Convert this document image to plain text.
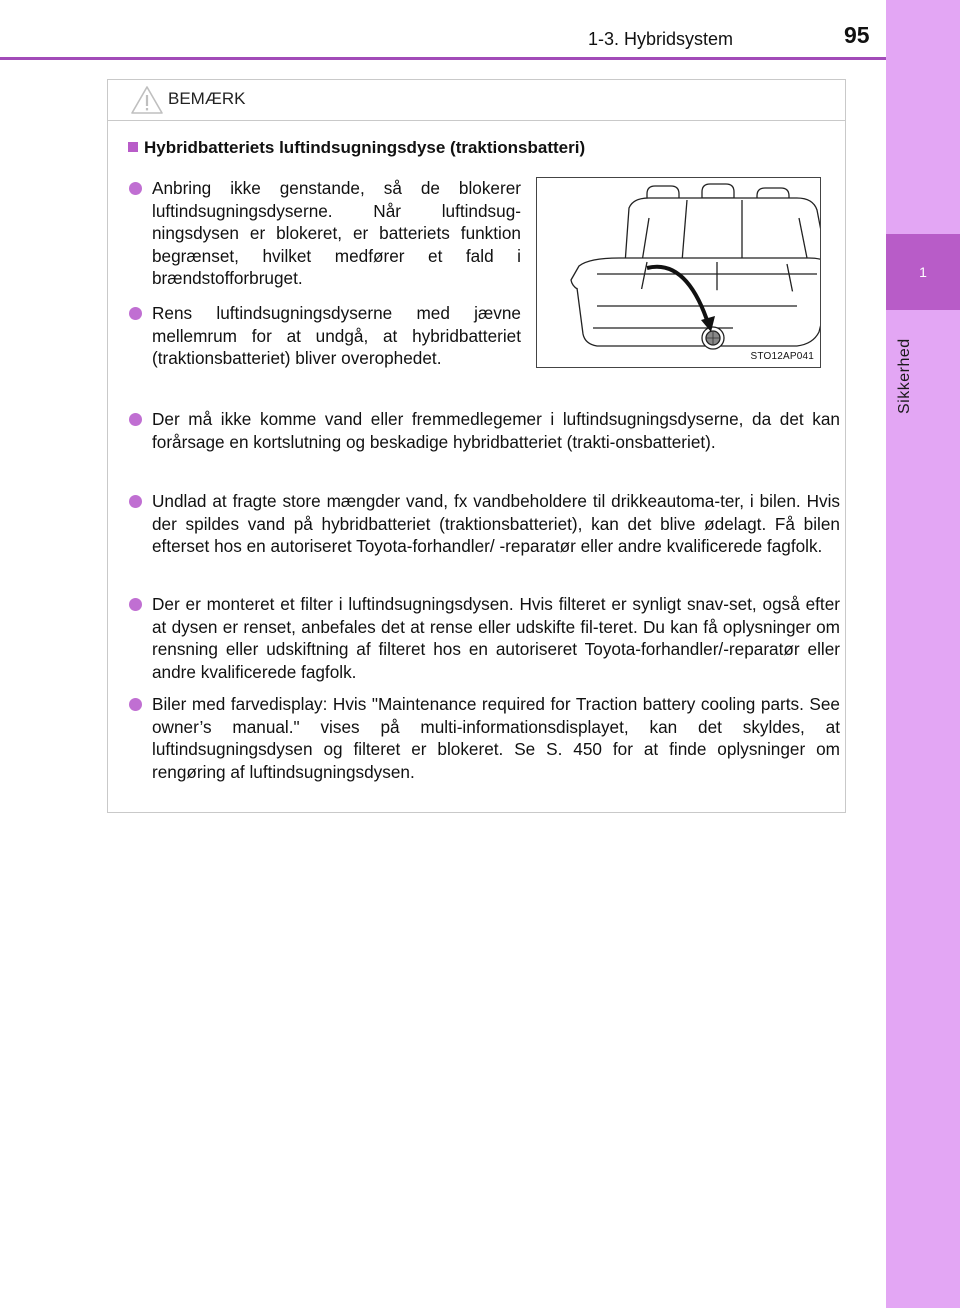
1
Sikkerhed
1-3. Hybridsystem	95
BEMÆRK
Hybridbatteriets luftindsugningsdyse (traktionsbatteri)
Anbring ikke genstande, så de blokerer luftindsugningsdyserne. Når luftindsug-ningsdysen er blokeret, er batteriets funktion begrænset, hvilket medfører et fald i brændstofforbruget.
Rens luftindsugningsdyserne med jævne mellemrum for at undgå, at hybridbatteriet (traktionsbatteriet) bliver overophedet.	STO12AP041
Der må ikke komme vand eller fremmedlegemer i luftindsugningsdyserne, da det kan forårsage en kortslutning og beskadige hybridbatteriet (trakti-onsbatteriet).
Undlad at fragte store mængder vand, fx vandbeholdere til drikkeautoma-ter, i bilen. Hvis der spildes vand på hybridbatteriet (traktionsbatteriet), kan det blive ødelagt. Få bilen efterset hos en autoriseret Toyota-forhandler/ -reparatør eller andre kvalificerede fagfolk.
Der er monteret et filter i luftindsugningsdysen. Hvis filteret er synligt snav-set, også efter at dysen er renset, anbefales det at rense eller udskifte fil-teret. Du kan få oplysninger om rensning eller udskiftning af filteret hos en autoriseret Toyota-forhandler/-reparatør eller andre kvalificerede fagfolk.
Biler med farvedisplay: Hvis "Maintenance required for Traction battery cooling parts. See owner’s manual." vises på multi-informationsdisplayet, kan det skyldes, at luftindsugningsdysen og filteret er blokeret. Se S. 450 for at finde oplysninger om rengøring af luftindsugningsdysen.
